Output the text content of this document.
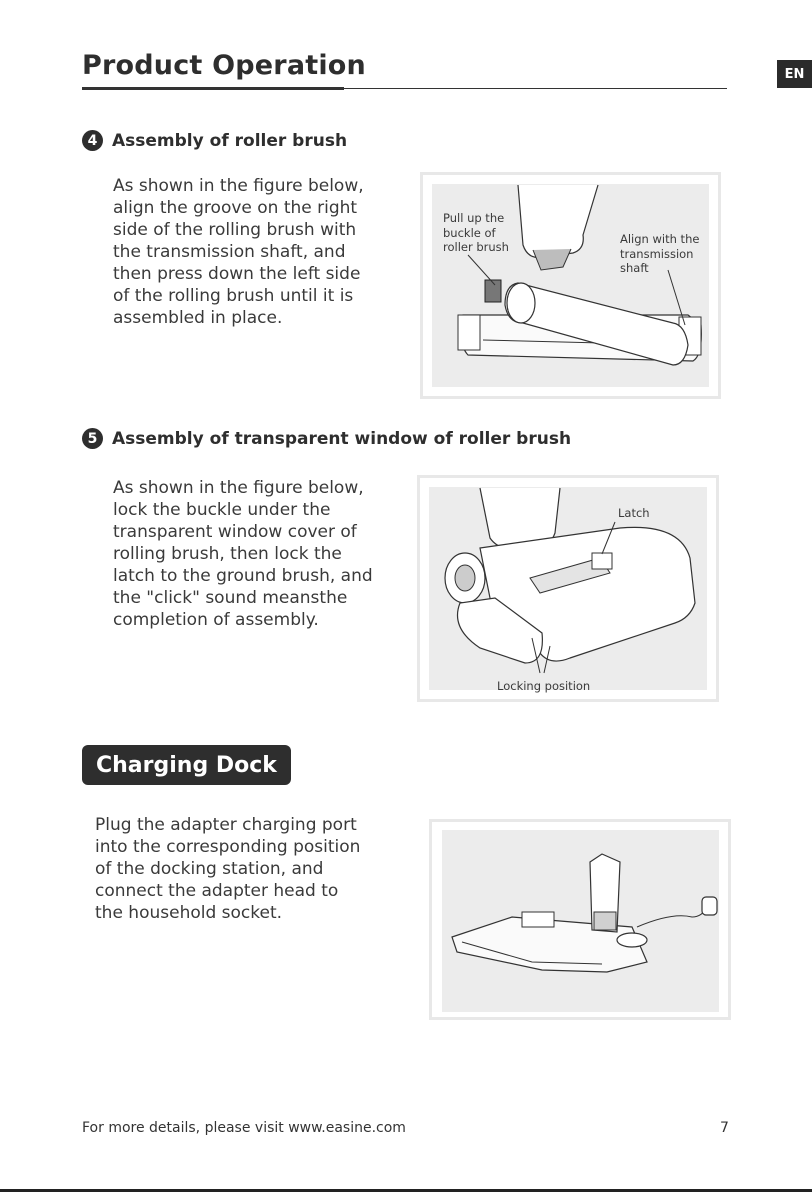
Product Operation	EN
4 Assembly of roller brush
As shown in the figure below,
align the groove on the right
side of the rolling brush with
the transmission shaft, and
then press down the left side
of the rolling brush until it is
assembled in place.
Pull up the
buckle of
roller brush
Align with the
transmission
shaft
5 Assembly of transparent window of roller brush
As shown in the figure below,
lock the buckle under the
transparent window cover of
rolling brush, then lock the
latch to the ground brush, and
the "click" sound meansthe
completion of assembly.
Latch
Locking position
Charging Dock
Plug the adapter charging port
into the corresponding position
of the docking station, and
connect the adapter head to
the household socket.
For more details, please visit www.easine.com	7
